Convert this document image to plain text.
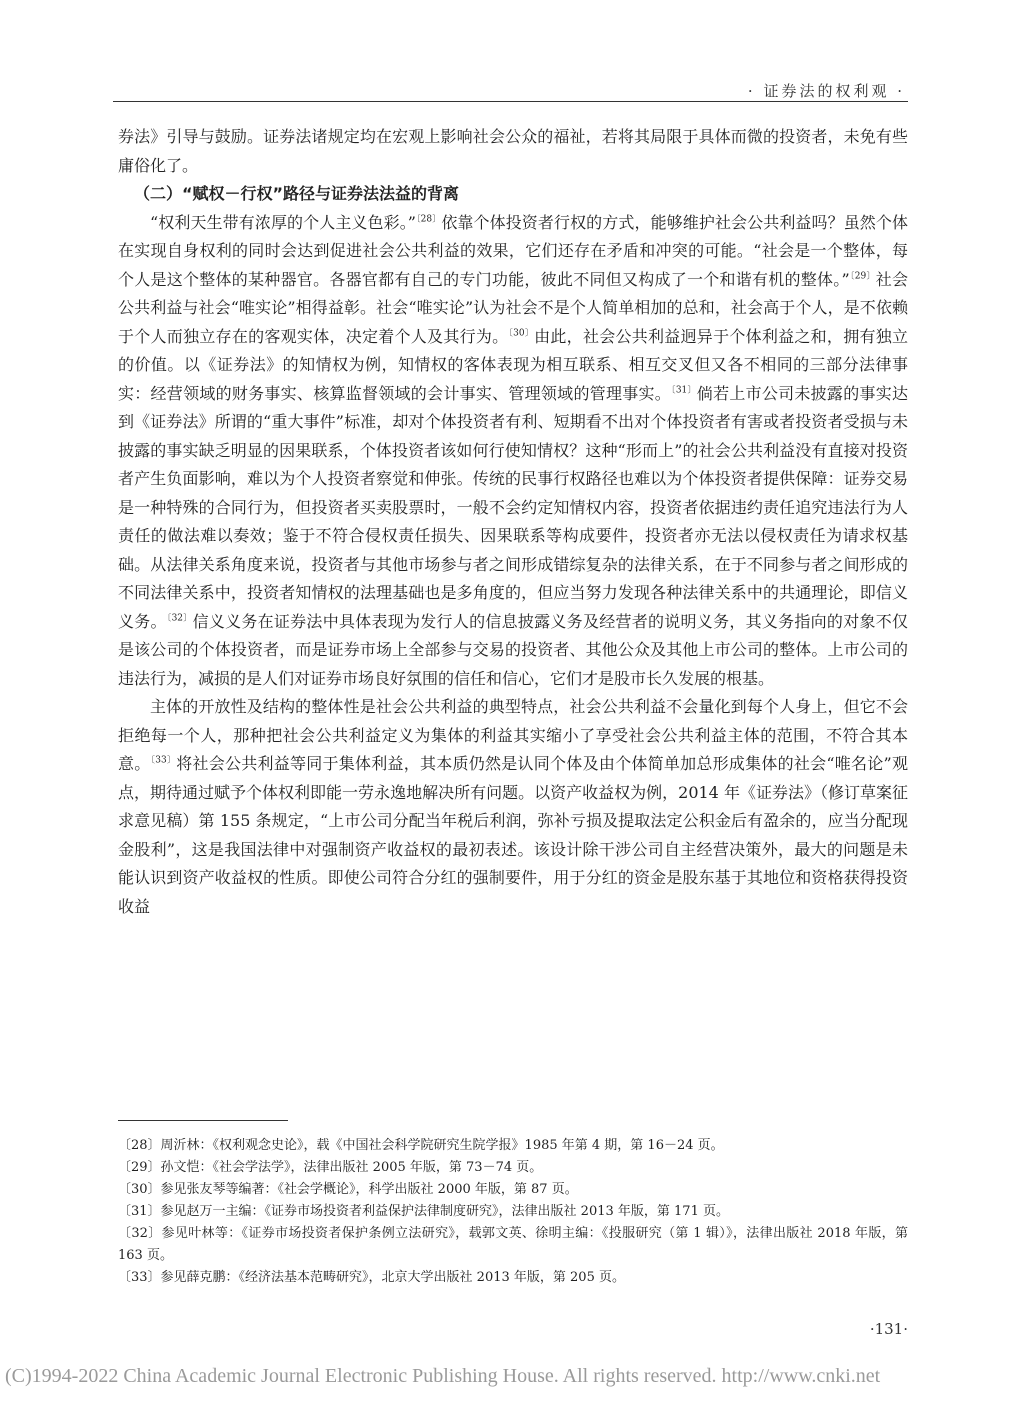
· 证券法的权利观 ·

券法》引导与鼓励。证券法诸规定均在宏观上影响社会公众的福祉，若将其局限于具体而微的投资者，未免有些庸俗化了。

（二）“赋权－行权”路径与证券法法益的背离

“权利天生带有浓厚的个人主义色彩。”$^{〔28〕}$依靠个体投资者行权的方式，能够维护社会公共利益吗？虽然个体在实现自身权利的同时会达到促进社会公共利益的效果，它们还存在矛盾和冲突的可能。“社会是一个整体，每个人是这个整体的某种器官。各器官都有自己的专门功能，彼此不同但又构成了一个和谐有机的整体。”$^{〔29〕}$社会公共利益与社会“唯实论”相得益彰。社会“唯实论”认为社会不是个人简单相加的总和，社会高于个人，是不依赖于个人而独立存在的客观实体，决定着个人及其行为。$^{〔30〕}$由此，社会公共利益迥异于个体利益之和，拥有独立的价值。以《证券法》的知情权为例，知情权的客体表现为相互联系、相互交叉但又各不相同的三部分法律事实：经营领域的财务事实、核算监督领域的会计事实、管理领域的管理事实。$^{〔31〕}$倘若上市公司未披露的事实达到《证券法》所谓的“重大事件”标准，却对个体投资者有利、短期看不出对个体投资者有害或者投资者受损与未披露的事实缺乏明显的因果联系，个体投资者该如何行使知情权？这种“形而上”的社会公共利益没有直接对投资者产生负面影响，难以为个人投资者察觉和伸张。传统的民事行权路径也难以为个体投资者提供保障：证券交易是一种特殊的合同行为，但投资者买卖股票时，一般不会约定知情权内容，投资者依据违约责任追究违法行为人责任的做法难以奏效；鉴于不符合侵权责任损失、因果联系等构成要件，投资者亦无法以侵权责任为请求权基础。从法律关系角度来说，投资者与其他市场参与者之间形成错综复杂的法律关系，在于不同参与者之间形成的不同法律关系中，投资者知情权的法理基础也是多角度的，但应当努力发现各种法律关系中的共通理论，即信义义务。$^{〔32〕}$信义义务在证券法中具体表现为发行人的信息披露义务及经营者的说明义务，其义务指向的对象不仅是该公司的个体投资者，而是证券市场上全部参与交易的投资者、其他公众及其他上市公司的整体。上市公司的违法行为，减损的是人们对证券市场良好氛围的信任和信心，它们才是股市长久发展的根基。

主体的开放性及结构的整体性是社会公共利益的典型特点，社会公共利益不会量化到每个人身上，但它不会拒绝每一个人，那种把社会公共利益定义为集体的利益其实缩小了享受社会公共利益主体的范围，不符合其本意。$^{〔33〕}$将社会公共利益等同于集体利益，其本质仍然是认同个体及由个体简单加总形成集体的社会“唯名论”观点，期待通过赋予个体权利即能一劳永逸地解决所有问题。以资产收益权为例，2014 年《证券法》（修订草案征求意见稿）第 155 条规定，“上市公司分配当年税后利润，弥补亏损及提取法定公积金后有盈余的，应当分配现金股利”，这是我国法律中对强制资产收益权的最初表述。该设计除干涉公司自主经营决策外，最大的问题是未能认识到资产收益权的性质。即使公司符合分红的强制要件，用于分红的资金是股东基于其地位和资格获得投资收益

〔28〕周沂林：《权利观念史论》，载《中国社会科学院研究生院学报》1985 年第 4 期，第 16－24 页。

〔29〕孙文恺：《社会学法学》，法律出版社 2005 年版，第 73－74 页。

〔30〕参见张友琴等编著：《社会学概论》，科学出版社 2000 年版，第 87 页。

〔31〕参见赵万一主编：《证券市场投资者利益保护法律制度研究》，法律出版社 2013 年版，第 171 页。

〔32〕参见叶林等：《证券市场投资者保护条例立法研究》，载郭文英、徐明主编：《投服研究（第 1 辑）》，法律出版社 2018 年版，第 163 页。

〔33〕参见薛克鹏：《经济法基本范畴研究》，北京大学出版社 2013 年版，第 205 页。

·131·
(C)1994-2022 China Academic Journal Electronic Publishing House. All rights reserved. http://www.cnki.net
